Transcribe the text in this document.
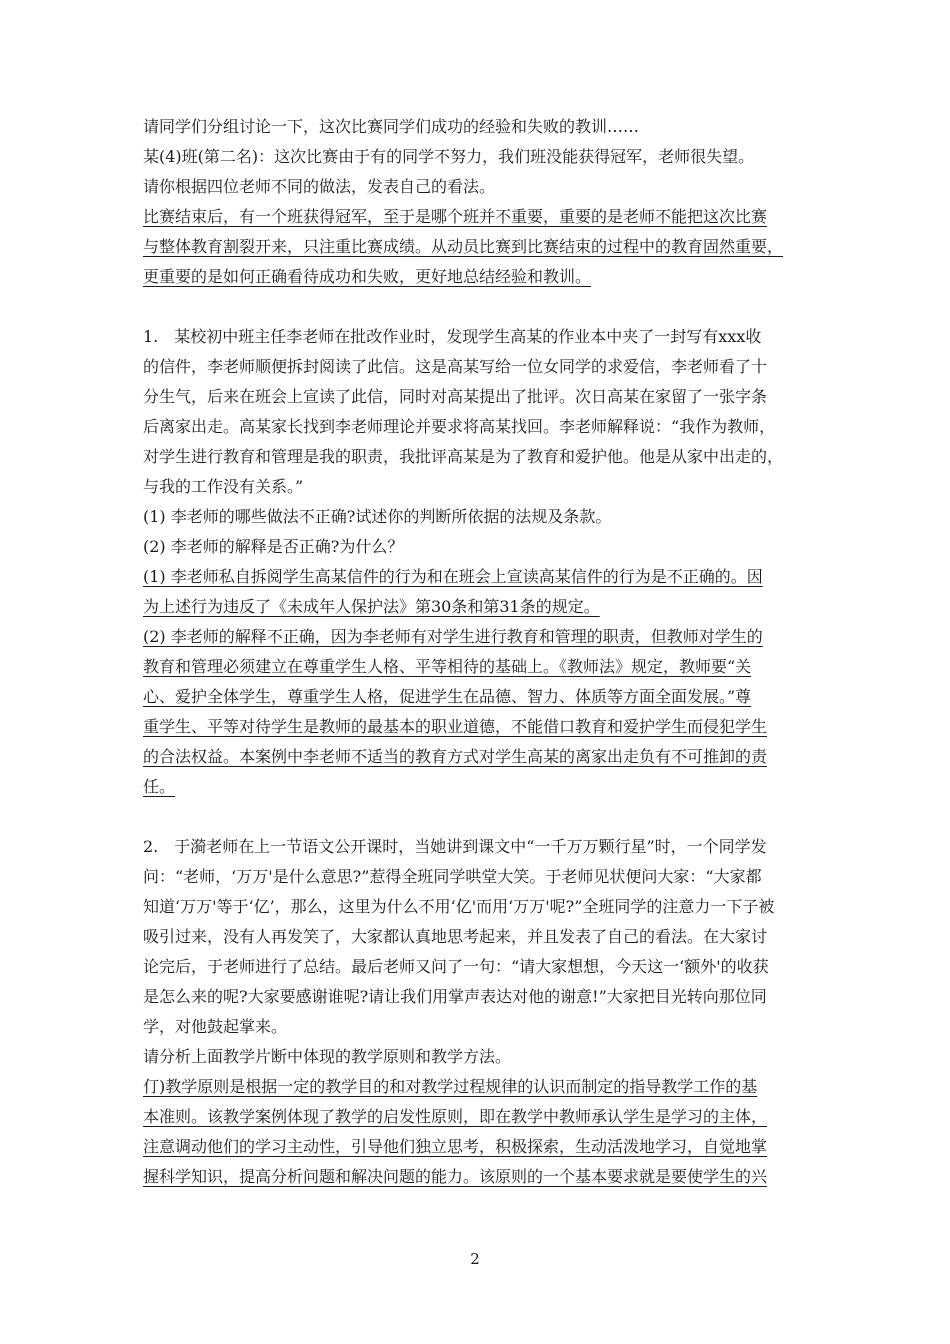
请同学们分组讨论一下，这次比赛同学们成功的经验和失败的教训……
某(4)班(第二名)：这次比赛由于有的同学不努力，我们班没能获得冠军，老师很失望。
请你根据四位老师不同的做法，发表自己的看法。
比赛结束后，有一个班获得冠军，至于是哪个班并不重要，重要的是老师不能把这次比赛
与整体教育割裂开来，只注重比赛成绩。从动员比赛到比赛结束的过程中的教育固然重要，
更重要的是如何正确看待成功和失败，更好地总结经验和教训。
1.　某校初中班主任李老师在批改作业时，发现学生高某的作业本中夹了一封写有xxx收
的信件，李老师顺便拆封阅读了此信。这是高某写给一位女同学的求爱信，李老师看了十
分生气，后来在班会上宣读了此信，同时对高某提出了批评。次日高某在家留了一张字条
后离家出走。高某家长找到李老师理论并要求将高某找回。李老师解释说：“我作为教师，
对学生进行教育和管理是我的职责，我批评高某是为了教育和爱护他。他是从家中出走的，
与我的工作没有关系。”
(1) 李老师的哪些做法不正确?试述你的判断所依据的法规及条款。
(2) 李老师的解释是否正确?为什么？
(1) 李老师私自拆阅学生高某信件的行为和在班会上宣读高某信件的行为是不正确的。因
为上述行为违反了《未成年人保护法》第30条和第31条的规定。
(2) 李老师的解释不正确，因为李老师有对学生进行教育和管理的职责，但教师对学生的
教育和管理必须建立在尊重学生人格、平等相待的基础上。《教师法》规定，教师要“关
心、爱护全体学生，尊重学生人格，促进学生在品德、智力、体质等方面全面发展。”尊
重学生、平等对待学生是教师的最基本的职业道德，不能借口教育和爱护学生而侵犯学生
的合法权益。本案例中李老师不适当的教育方式对学生高某的离家出走负有不可推卸的责
任。
2.　于漪老师在上一节语文公开课时，当她讲到课文中“一千万万颗行星”时，一个同学发
问：“老师，‘万万'是什么意思?”惹得全班同学哄堂大笑。于老师见状便问大家：“大家都
知道‘万万'等于‘亿’，那么，这里为什么不用‘亿'而用‘万万'呢?”全班同学的注意力一下子被
吸引过来，没有人再发笑了，大家都认真地思考起来，并且发表了自己的看法。在大家讨
论完后，于老师进行了总结。最后老师又问了一句：“请大家想想，今天这一‘额外'的收获
是怎么来的呢?大家要感谢谁呢?请让我们用掌声表达对他的谢意!”大家把目光转向那位同
学，对他鼓起掌来。
请分析上面教学片断中体现的教学原则和教学方法。
仃)教学原则是根据一定的教学目的和对教学过程规律的认识而制定的指导教学工作的基
本准则。该教学案例体现了教学的启发性原则，即在教学中教师承认学生是学习的主体，
注意调动他们的学习主动性，引导他们独立思考，积极探索，生动活泼地学习，自觉地掌
握科学知识，提高分析问题和解决问题的能力。该原则的一个基本要求就是要使学生的兴
2
